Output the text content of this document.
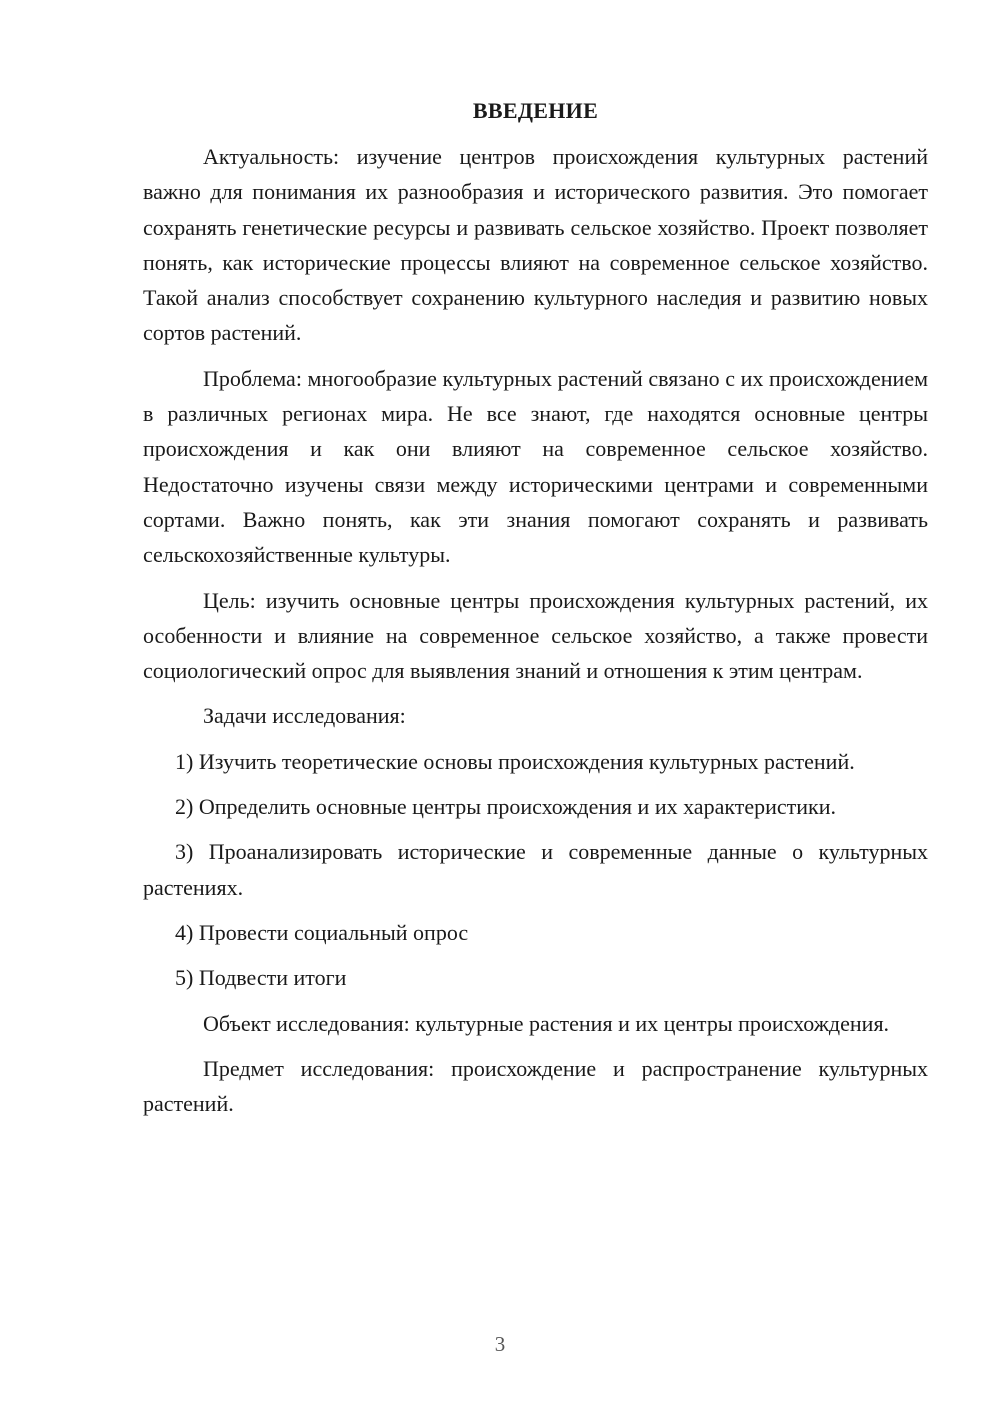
ВВЕДЕНИЕ

Актуальность: изучение центров происхождения культурных растений важно для понимания их разнообразия и исторического развития. Это помогает сохранять генетические ресурсы и развивать сельское хозяйство. Проект позволяет понять, как исторические процессы влияют на современное сельское хозяйство. Такой анализ способствует сохранению культурного наследия и развитию новых сортов растений.

Проблема: многообразие культурных растений связано с их происхождением в различных регионах мира. Не все знают, где находятся основные центры происхождения и как они влияют на современное сельское хозяйство. Недостаточно изучены связи между историческими центрами и современными сортами. Важно понять, как эти знания помогают сохранять и развивать сельскохозяйственные культуры.

Цель: изучить основные центры происхождения культурных растений, их особенности и влияние на современное сельское хозяйство, а также провести социологический опрос для выявления знаний и отношения к этим центрам.

Задачи исследования:

1) Изучить теоретические основы происхождения культурных растений.

2) Определить основные центры происхождения и их характеристики.

3) Проанализировать исторические и современные данные о культурных растениях.

4) Провести социальный опрос

5) Подвести итоги

Объект исследования: культурные растения и их центры происхождения.

Предмет исследования: происхождение и распространение культурных растений.

3
